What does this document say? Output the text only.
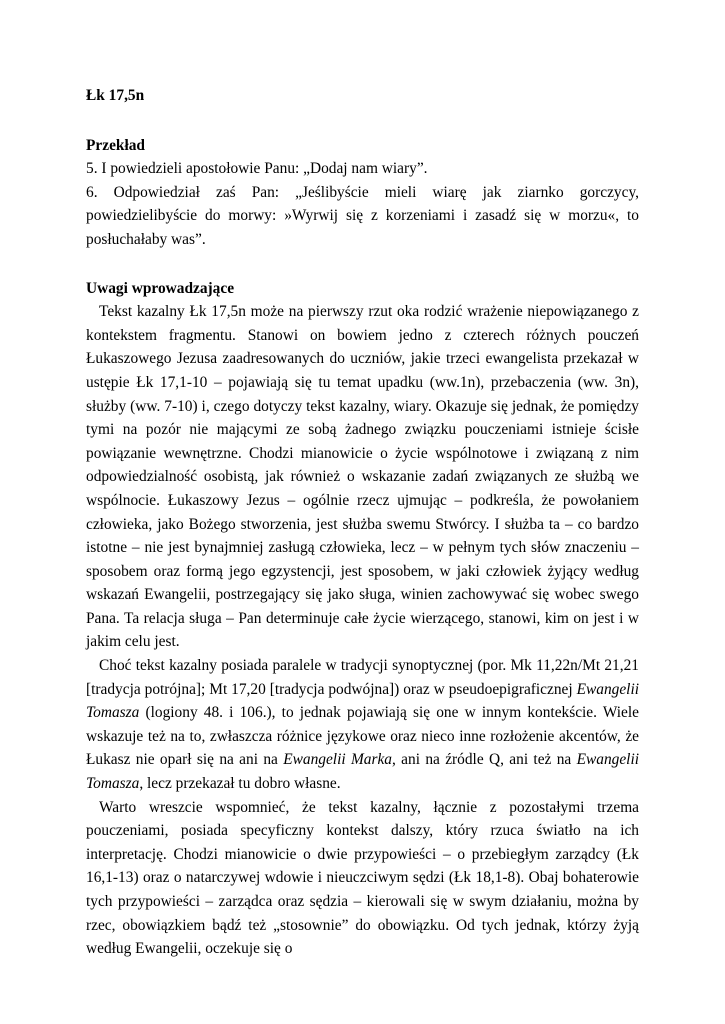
Łk 17,5n

Przekład

5. I powiedzieli apostołowie Panu: „Dodaj nam wiary”.

6. Odpowiedział zaś Pan: „Jeślibyście mieli wiarę jak ziarnko gorczycy, powiedzielibyście do morwy: »Wyrwij się z korzeniami i zasadź się w morzu«, to posłuchałaby was”.

Uwagi wprowadzające

Tekst kazalny Łk 17,5n może na pierwszy rzut oka rodzić wrażenie niepowiązanego z kontekstem fragmentu. Stanowi on bowiem jedno z czterech różnych pouczeń Łukaszowego Jezusa zaadresowanych do uczniów, jakie trzeci ewangelista przekazał w ustępie Łk 17,1-10 – pojawiają się tu temat upadku (ww.1n), przebaczenia (ww. 3n), służby (ww. 7-10) i, czego dotyczy tekst kazalny, wiary. Okazuje się jednak, że pomiędzy tymi na pozór nie mającymi ze sobą żadnego związku pouczeniami istnieje ścisłe powiązanie wewnętrzne. Chodzi mianowicie o życie wspólnotowe i związaną z nim odpowiedzialność osobistą, jak również o wskazanie zadań związanych ze służbą we wspólnocie. Łukaszowy Jezus – ogólnie rzecz ujmując – podkreśla, że powołaniem człowieka, jako Bożego stworzenia, jest służba swemu Stwórcy. I służba ta – co bardzo istotne – nie jest bynajmniej zasługą człowieka, lecz – w pełnym tych słów znaczeniu – sposobem oraz formą jego egzystencji, jest sposobem, w jaki człowiek żyjący według wskazań Ewangelii, postrzegający się jako sługa, winien zachowywać się wobec swego Pana. Ta relacja sługa – Pan determinuje całe życie wierzącego, stanowi, kim on jest i w jakim celu jest.

Choć tekst kazalny posiada paralele w tradycji synoptycznej (por. Mk 11,22n/Mt 21,21 [tradycja potrójna]; Mt 17,20 [tradycja podwójna]) oraz w pseudoepigraficznej Ewangelii Tomasza (logiony 48. i 106.), to jednak pojawiają się one w innym kontekście. Wiele wskazuje też na to, zwłaszcza różnice językowe oraz nieco inne rozłożenie akcentów, że Łukasz nie oparł się na ani na Ewangelii Marka, ani na źródle Q, ani też na Ewangelii Tomasza, lecz przekazał tu dobro własne.

Warto wreszcie wspomnieć, że tekst kazalny, łącznie z pozostałymi trzema pouczeniami, posiada specyficzny kontekst dalszy, który rzuca światło na ich interpretację. Chodzi mianowicie o dwie przypowieści – o przebiegłym zarządcy (Łk 16,1-13) oraz o natarczywej wdowie i nieuczciwym sędzi (Łk 18,1-8). Obaj bohaterowie tych przypowieści – zarządca oraz sędzia – kierowali się w swym działaniu, można by rzec, obowiązkiem bądź też „stosownie” do obowiązku. Od tych jednak, którzy żyją według Ewangelii, oczekuje się o
